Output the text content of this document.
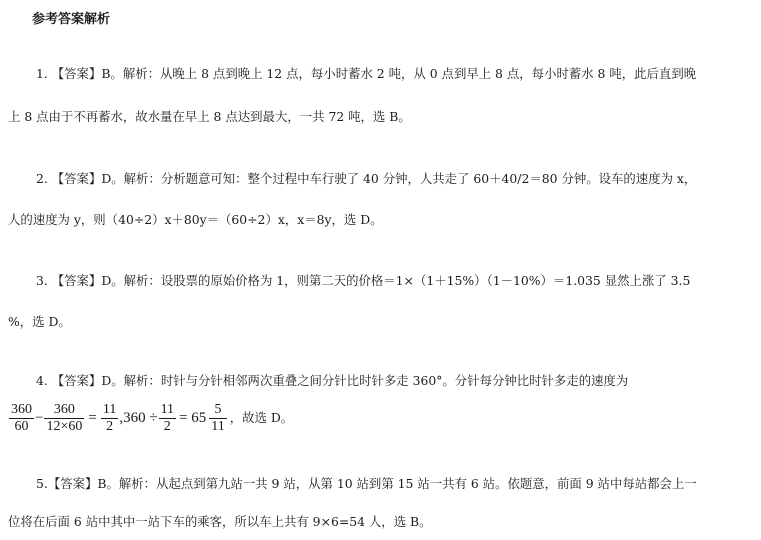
参考答案解析
1. 【答案】B。解析：从晚上 8 点到晚上 12 点，每小时蓄水 2 吨，从 0 点到早上 8 点，每小时蓄水 8 吨，此后直到晚
上 8 点由于不再蓄水，故水量在早上 8 点达到最大，一共 72 吨，选 B。
2. 【答案】D。解析：分析题意可知：整个过程中车行驶了 40 分钟，人共走了 60＋40/2＝80 分钟。设车的速度为 x，
人的速度为 y，则（40÷2）x＋80y＝（60÷2）x，x＝8y，选 D。
3. 【答案】D。解析：设股票的原始价格为 1，则第二天的价格＝1×（1＋15%）（1－10%）＝1.035 显然上涨了 3.5
%，选 D。
4. 【答案】D。解析：时针与分针相邻两次重叠之间分针比时针多走 360°。分针每分钟比时针多走的速度为
$\frac{360}{60} - \frac{360}{12\times 60} = \frac{11}{2} ,360 \div \frac{11}{2} = 65 \frac{5}{11}$ ，故选 D。
5.【答案】B。解析：从起点到第九站一共 9 站，从第 10 站到第 15 站一共有 6 站。依题意，前面 9 站中每站都会上一
位将在后面 6 站中其中一站下车的乘客，所以车上共有 9×6=54 人，选 B。
